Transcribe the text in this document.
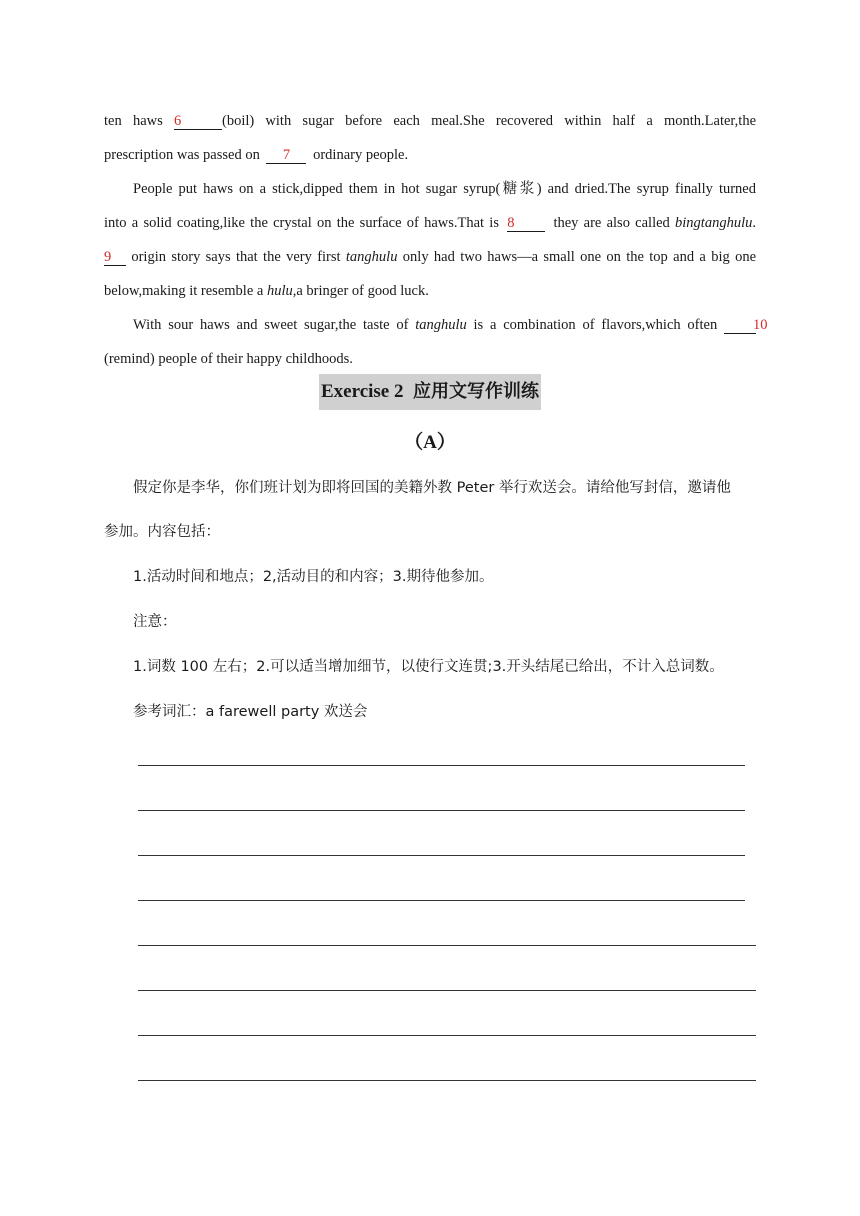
ten haws 6	(boil) with sugar before each meal.She recovered within half a month.Later,the

prescription was passed on 7 ordinary people.

People put haws on a stick,dipped them in hot sugar syrup(糖浆) and dried.The syrup finally turned

into a solid coating,like the crystal on the surface of haws.That is 8	they are also called bingtanghulu.

9 origin story says that the very first tanghulu only had two haws—a small one on the top and a big one

below,making it resemble a hulu,a bringer of good luck.

With sour haws and sweet sugar,the taste of tanghulu is a combination of flavors,which often 10

(remind) people of their happy childhoods.

Exercise 2 应用文写作训练
（A）

假定你是李华，你们班计划为即将回国的美籍外教 Peter 举行欢送会。请给他写封信，邀请他

参加。内容包括：

1.活动时间和地点；2,活动目的和内容；3.期待他参加。

注意：

1.词数 100 左右；2.可以适当增加细节，以使行文连贯;3.开头结尾已给出，不计入总词数。

参考词汇：a farewell party 欢送会
